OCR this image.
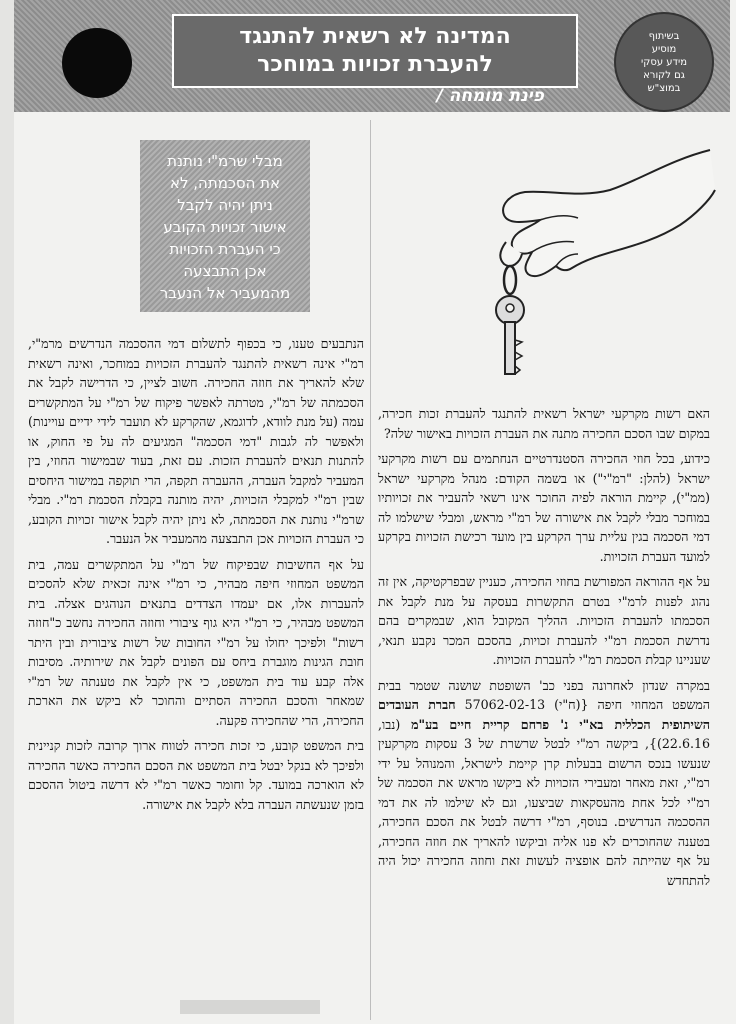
המדינה לא רשאית להתנגד
להעברת זכויות במוחכר
בשיתוף
מוסיע
מידע עסקי
גם לקורא
במוצ"ש
פינת מומחה /
מבלי שרמ"י נותנת
את הסכמתה, לא
ניתן יהיה לקבל
אישור זכויות הקובע
כי העברת הזכויות
אכן התבצעה
מהמעביר אל הנעבר

האם רשות מקרקעי ישראל רשאית להתנגד להעברת זכות חכירה, במקום שבו הסכם החכירה מתנה את העברת הזכויות באישור שלה?

כידוע, בכל חוזי החכירה הסטנדרטיים הנחתמים עם רשות מקרקעי ישראל (להלן: "רמ"י") או בשמה הקודם: מנהל מקרקעי ישראל (ממ"י), קיימת הוראה לפיה החוכר אינו רשאי להעביר את זכויותיו במוחכר מבלי לקבל את אישורה של רמ"י מראש, ומבלי שישלמו לה דמי הסכמה בגין עליית ערך הקרקע בין מועד רכישת הזכויות בקרקע למועד העברת הזכויות.

על אף ההוראה המפורשת בחוזי החכירה, כעניין שבפרקטיקה, אין זה נהוג לפנות לרמ"י בטרם התקשרות בעסקה על מנת לקבל את הסכמתו להעברת הזכויות. ההליך המקובל הוא, שבמקרים בהם נדרשת הסכמת רמ"י להעברת זכויות, בהסכם המכר נקבע תנאי, שעניינו קבלת הסכמת רמ"י להעברת הזכויות.

במקרה שנדון לאחרונה בפני כב' השופטת שושנה שטמר בבית המשפט המחוזי חיפה {(ח"י) 57062-02-13 חברת העובדים השיתופית הכללית בא"י נ' פרחם קריית חיים בע"מ (נבו, 22.6.16)}, ביקשה רמ"י לבטל שרשרת של 3 עסקות מקרקעין שנעשו בנכס הרשום בבעלות קרן קיימת לישראל, והמנוהל על ידי רמ"י, זאת מאחר ומעבירי הזכויות לא ביקשו מראש את הסכמה של רמ"י לכל אחת מהעסקאות שביצעו, וגם לא שילמו לה את דמי ההסכמה הנדרשים. בנוסף, רמ"י דרשה לבטל את הסכם החכירה, בטענה שהחוכרים לא פנו אליה וביקשו להאריך את חוזה החכירה, על אף שהייתה להם אופציה לעשות זאת וחוזה החכירה יכול היה להתחדש

הנתבעים טענו, כי בכפוף לתשלום דמי ההסכמה הנדרשים מרמ"י, רמ"י אינה רשאית להתנגד להעברת הזכויות במוחכר, ואינה רשאית שלא להאריך את חוזה החכירה. חשוב לציין, כי הדרישה לקבל את הסכמתה של רמ"י, מטרתה לאפשר פיקוח של רמ"י על המתקשרים עמה (על מנת לוודא, לדוגמא, שהקרקע לא תועבר לידי ידיים עויינות) ולאפשר לה לגבות "דמי הסכמה" המגיעים לה על פי החוק, או להתנות תנאים להעברת הזכות. עם זאת, בעוד שבמישור החוזי, בין המעביר למקבל העברה, ההעברה תקפה, הרי תוקפה במישור היחסים שבין רמ"י למקבלי הזכויות, יהיה מותנה בקבלת הסכמת רמ"י. מבלי שרמ"י נותנת את הסכמתה, לא ניתן יהיה לקבל אישור זכויות הקובע, כי העברת הזכויות אכן התבצעה מהמעביר אל הנעבר.

על אף החשיבות שבפיקוח של רמ"י על המתקשרים עמה, בית המשפט המחוזי חיפה מבהיר, כי רמ"י אינה זכאית שלא להסכים להעברות אלו, אם יעמדו הצדדים בתנאים הנוהגים אצלה. בית המשפט מבהיר, כי רמ"י היא גוף ציבורי וחוזה החכירה נחשב כ"חוזה רשות" ולפיכך יחולו על רמ"י החובות של רשות ציבורית ובין היתר חובת הגינות מוגברת ביחס עם הפונים לקבל את שירותיה. מסיבות אלה קבע עוד בית המשפט, כי אין לקבל את טענתה של רמ"י שמאחר והסכם החכירה הסתיים והחוכר לא ביקש את הארכת החכירה, הרי שהחכירה פקעה.

בית המשפט קובע, כי זכות חכירה לטווח ארוך קרובה לזכות קניינית ולפיכך לא בנקל יבטל בית המשפט את הסכם החכירה כאשר החכירה לא הוארכה במועד. קל וחומר כאשר רמ"י לא דרשה ביטול ההסכם בזמן שנעשתה העברה בלא לקבל את אישורה.
